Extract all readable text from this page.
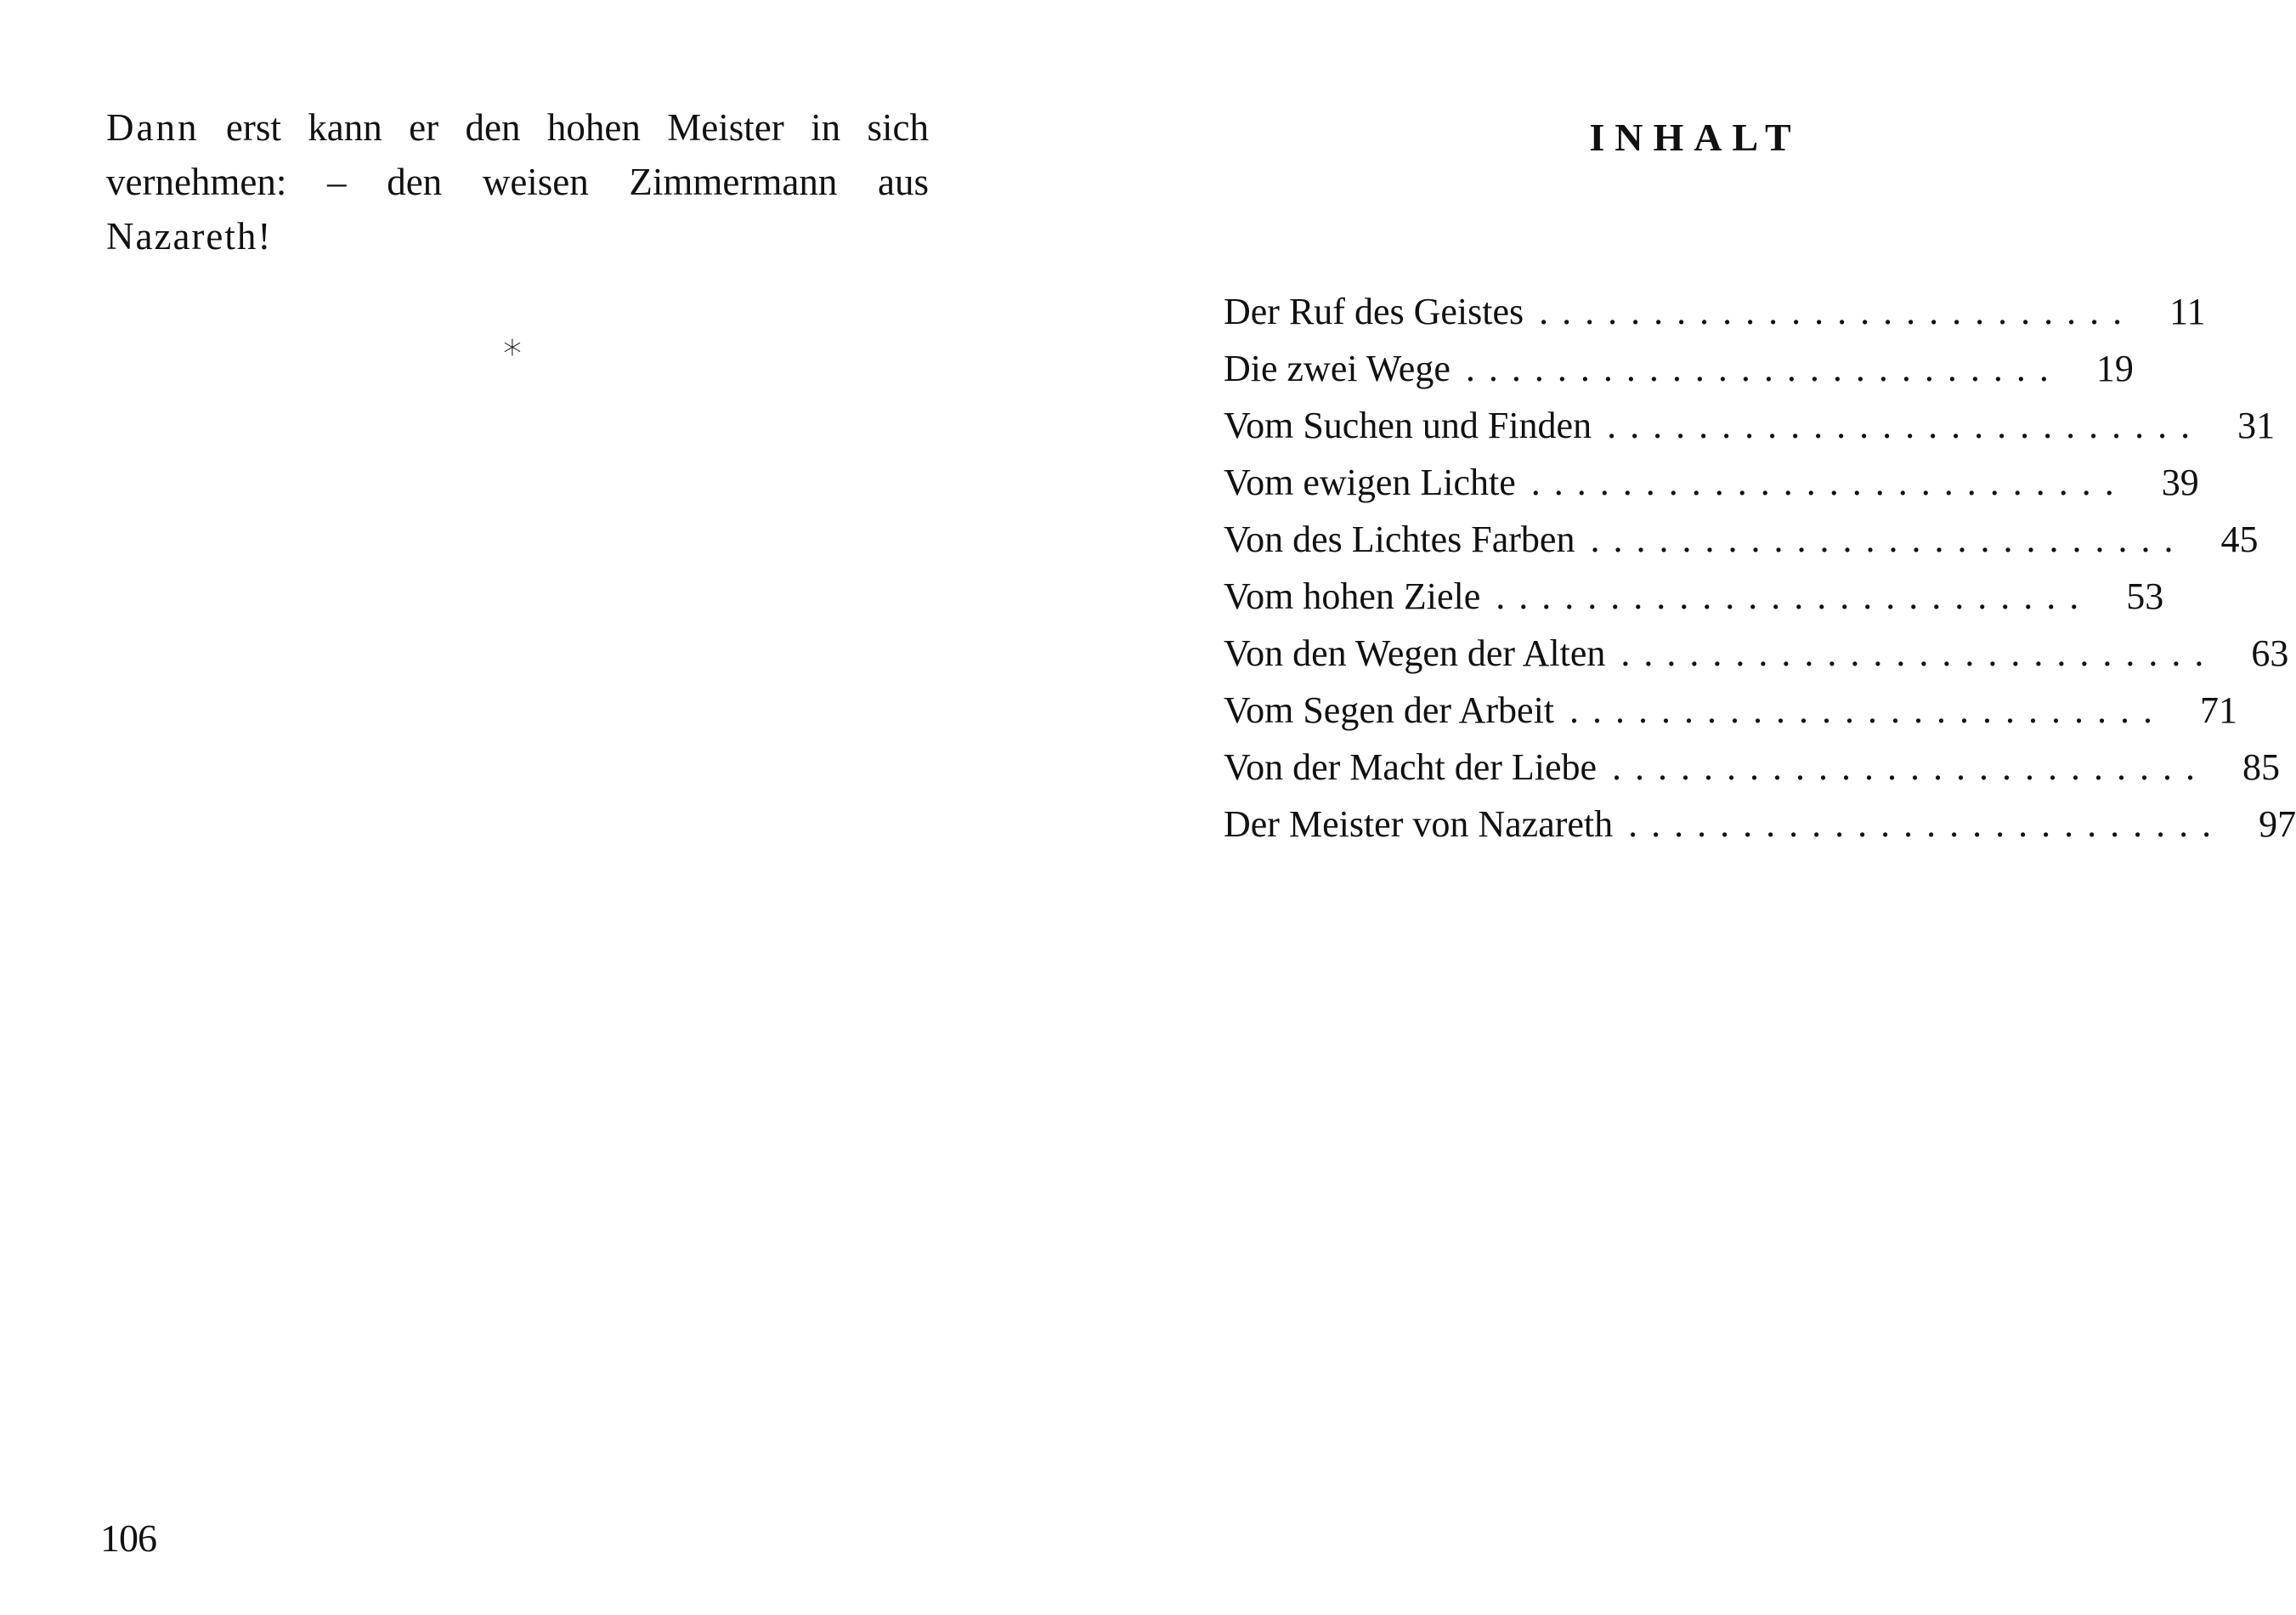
Dann erst kann er den hohen Meister in sich
vernehmen: – den weisen Zimmermann aus
Nazareth!
*
106
INHALT
Der Ruf des Geistes .......................... 11
Die zwei Wege .......................... 19
Vom Suchen und Finden .......................... 31
Vom ewigen Lichte .......................... 39
Von des Lichtes Farben .......................... 45
Vom hohen Ziele .......................... 53
Von den Wegen der Alten .......................... 63
Vom Segen der Arbeit .......................... 71
Von der Macht der Liebe .......................... 85
Der Meister von Nazareth .......................... 97
